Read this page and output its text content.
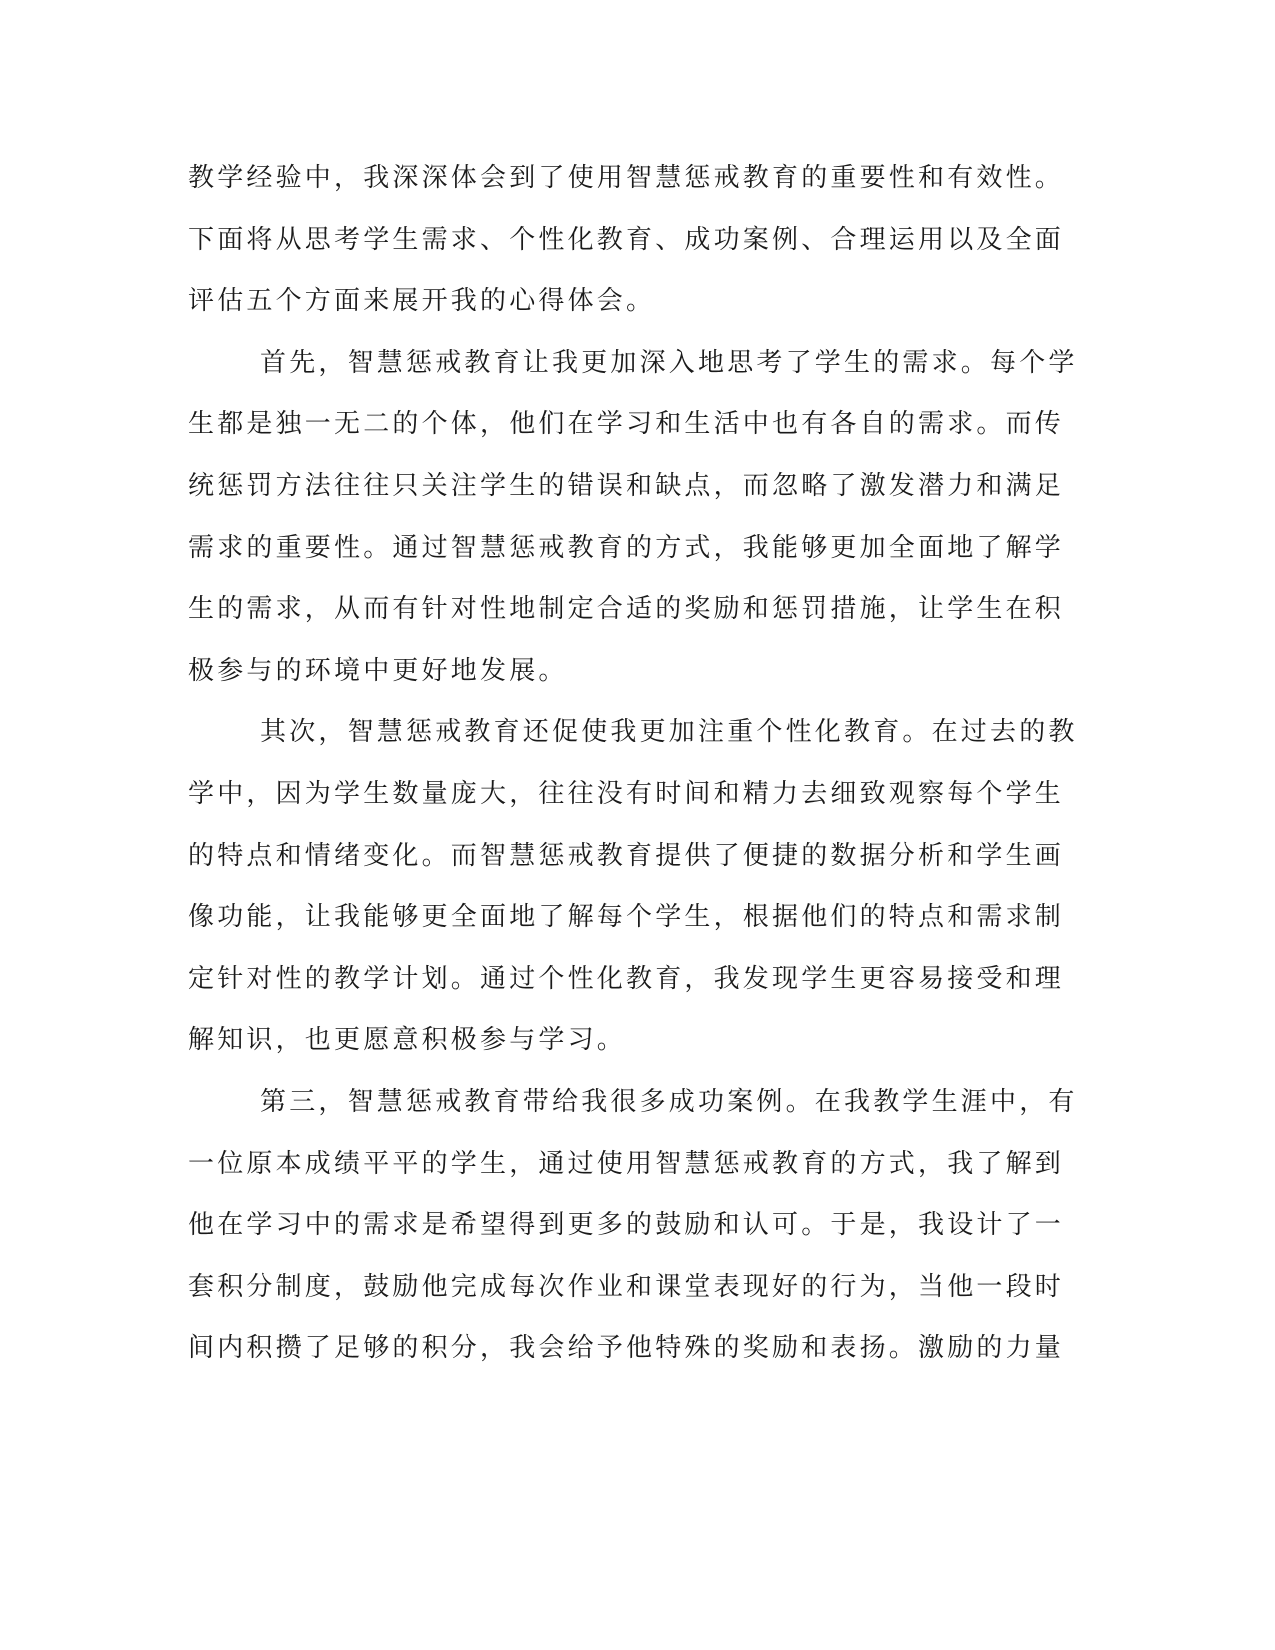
教学经验中，我深深体会到了使用智慧惩戒教育的重要性和有效性。
下面将从思考学生需求、个性化教育、成功案例、合理运用以及全面
评估五个方面来展开我的心得体会。
首先，智慧惩戒教育让我更加深入地思考了学生的需求。每个学
生都是独一无二的个体，他们在学习和生活中也有各自的需求。而传
统惩罚方法往往只关注学生的错误和缺点，而忽略了激发潜力和满足
需求的重要性。通过智慧惩戒教育的方式，我能够更加全面地了解学
生的需求，从而有针对性地制定合适的奖励和惩罚措施，让学生在积
极参与的环境中更好地发展。
其次，智慧惩戒教育还促使我更加注重个性化教育。在过去的教
学中，因为学生数量庞大，往往没有时间和精力去细致观察每个学生
的特点和情绪变化。而智慧惩戒教育提供了便捷的数据分析和学生画
像功能，让我能够更全面地了解每个学生，根据他们的特点和需求制
定针对性的教学计划。通过个性化教育，我发现学生更容易接受和理
解知识，也更愿意积极参与学习。
第三，智慧惩戒教育带给我很多成功案例。在我教学生涯中，有
一位原本成绩平平的学生，通过使用智慧惩戒教育的方式，我了解到
他在学习中的需求是希望得到更多的鼓励和认可。于是，我设计了一
套积分制度，鼓励他完成每次作业和课堂表现好的行为，当他一段时
间内积攒了足够的积分，我会给予他特殊的奖励和表扬。激励的力量
